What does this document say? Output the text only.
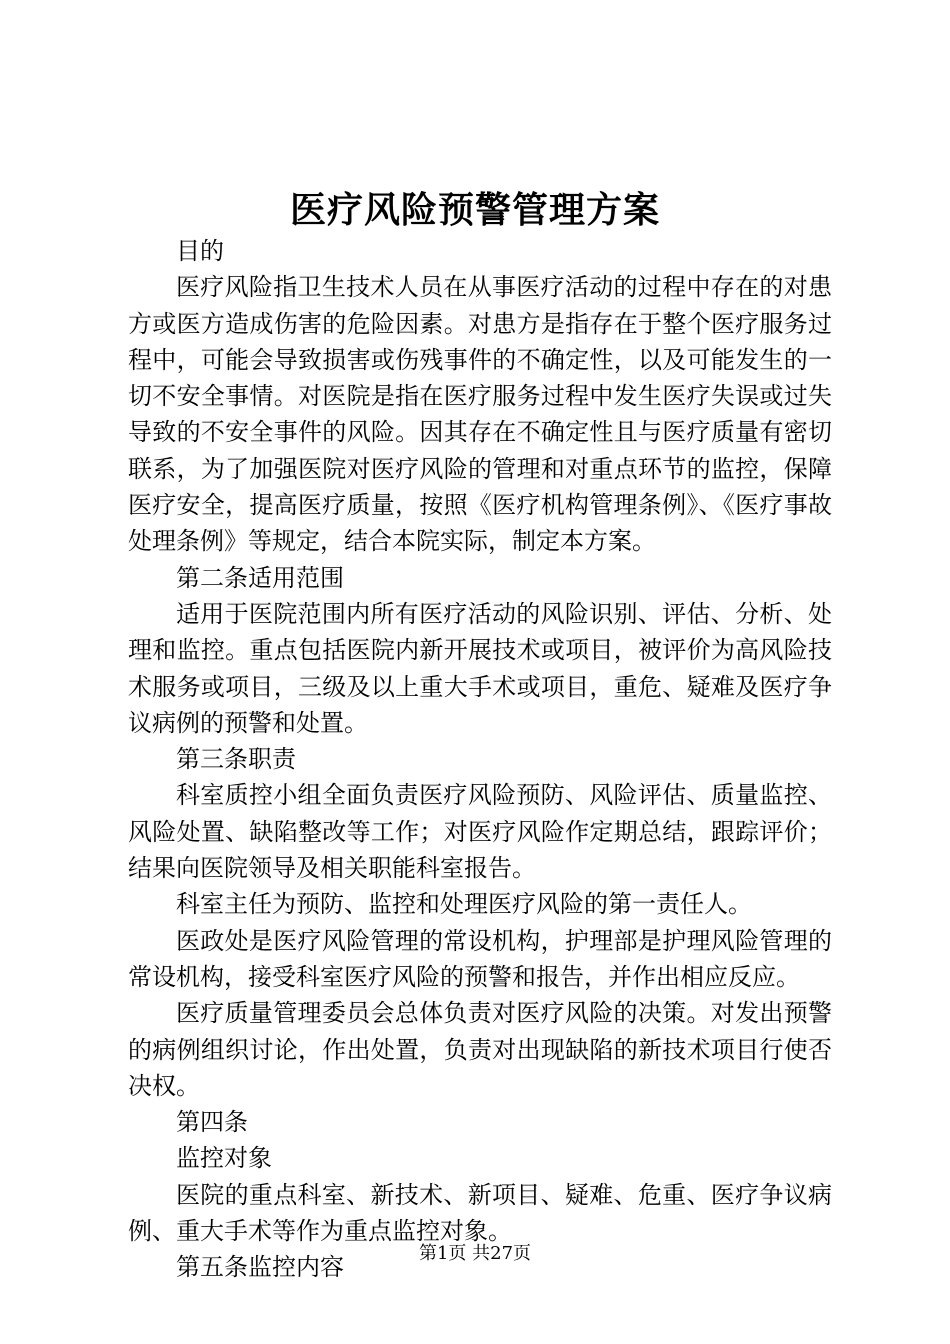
医疗风险预警管理方案

目的

医疗风险指卫生技术人员在从事医疗活动的过程中存在的对患方或医方造成伤害的危险因素。对患方是指存在于整个医疗服务过程中，可能会导致损害或伤残事件的不确定性，以及可能发生的一切不安全事情。对医院是指在医疗服务过程中发生医疗失误或过失导致的不安全事件的风险。因其存在不确定性且与医疗质量有密切联系，为了加强医院对医疗风险的管理和对重点环节的监控，保障医疗安全，提高医疗质量，按照《医疗机构管理条例》、《医疗事故处理条例》等规定，结合本院实际，制定本方案。

第二条适用范围

适用于医院范围内所有医疗活动的风险识别、评估、分析、处理和监控。重点包括医院内新开展技术或项目，被评价为高风险技术服务或项目，三级及以上重大手术或项目，重危、疑难及医疗争议病例的预警和处置。

第三条职责

科室质控小组全面负责医疗风险预防、风险评估、质量监控、风险处置、缺陷整改等工作；对医疗风险作定期总结，跟踪评价；结果向医院领导及相关职能科室报告。

科室主任为预防、监控和处理医疗风险的第一责任人。

医政处是医疗风险管理的常设机构，护理部是护理风险管理的常设机构，接受科室医疗风险的预警和报告，并作出相应反应。

医疗质量管理委员会总体负责对医疗风险的决策。对发出预警的病例组织讨论，作出处置，负责对出现缺陷的新技术项目行使否决权。

第四条

监控对象

医院的重点科室、新技术、新项目、疑难、危重、医疗争议病例、重大手术等作为重点监控对象。

第五条监控内容	第1页 共27页
